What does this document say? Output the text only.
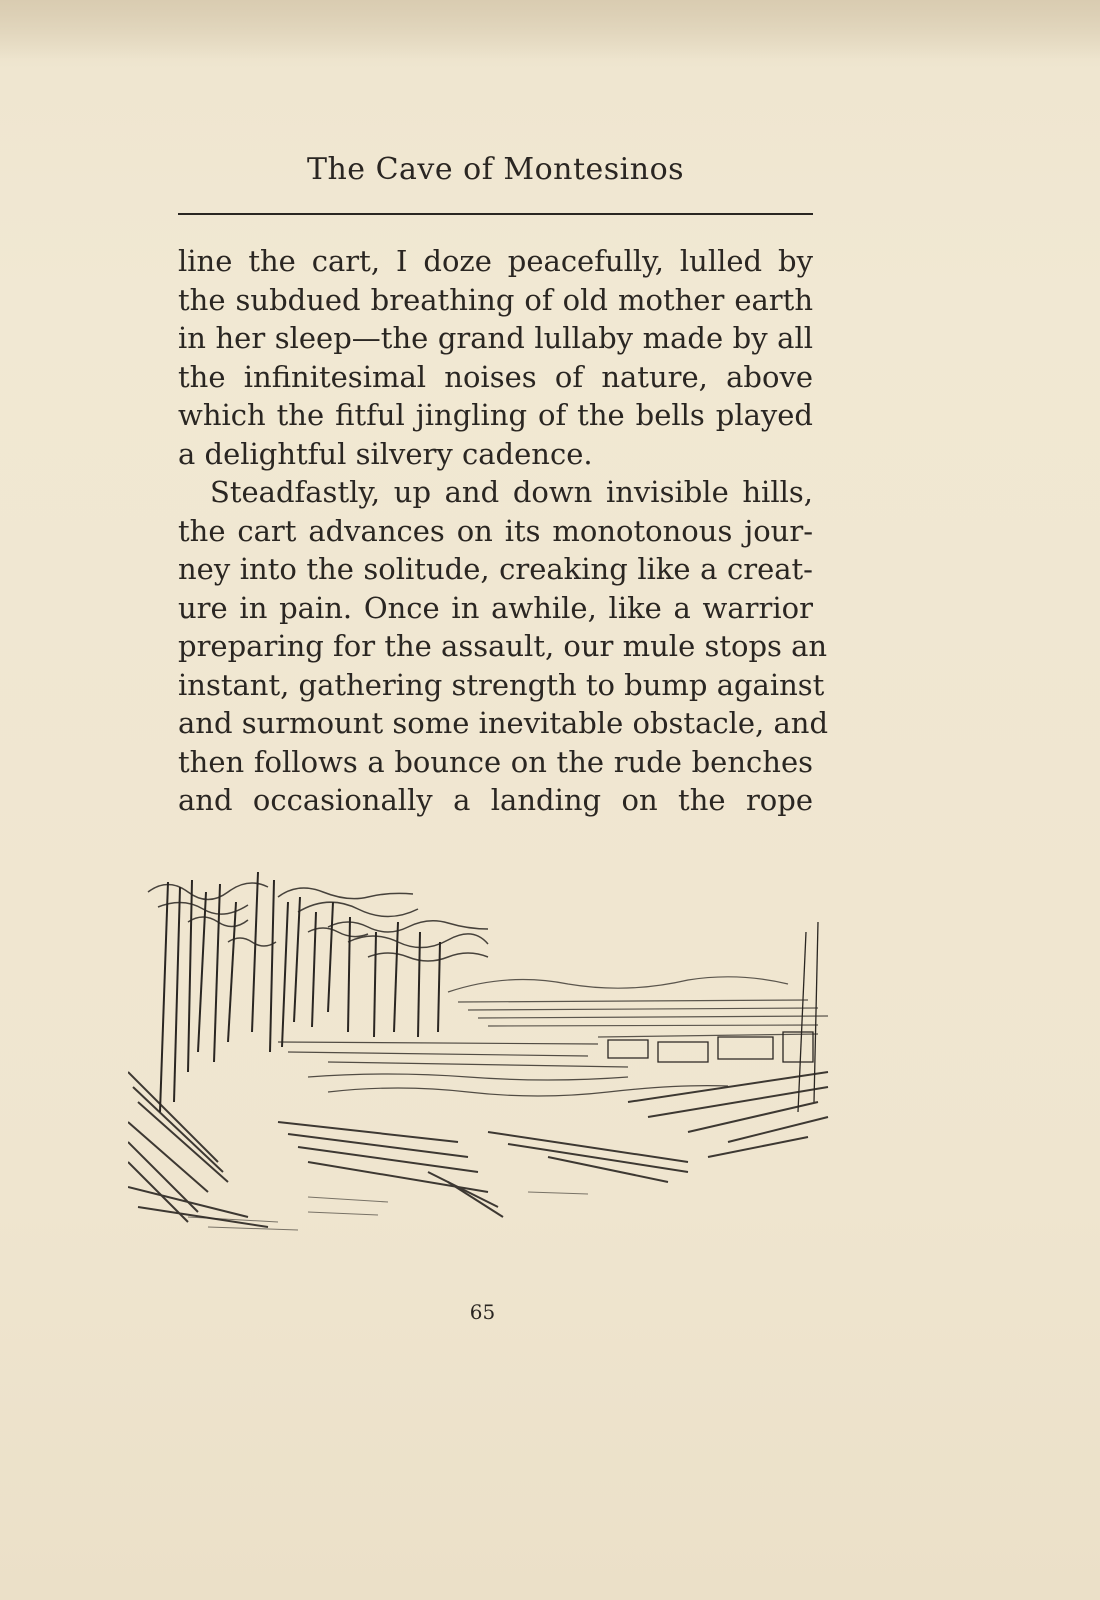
The Cave of Montesinos
line the cart, I doze peacefully, lulled by
the subdued breathing of old mother earth
in her sleep—the grand lullaby made by all
the infinitesimal noises of nature, above
which the fitful jingling of the bells played
a delightful silvery cadence.
Steadfastly, up and down invisible hills,
the cart advances on its monotonous jour-
ney into the solitude, creaking like a creat-
ure in pain. Once in awhile, like a warrior
preparing for the assault, our mule stops an
instant, gathering strength to bump against
and surmount some inevitable obstacle, and
then follows a bounce on the rude benches
and occasionally a landing on the rope
65
